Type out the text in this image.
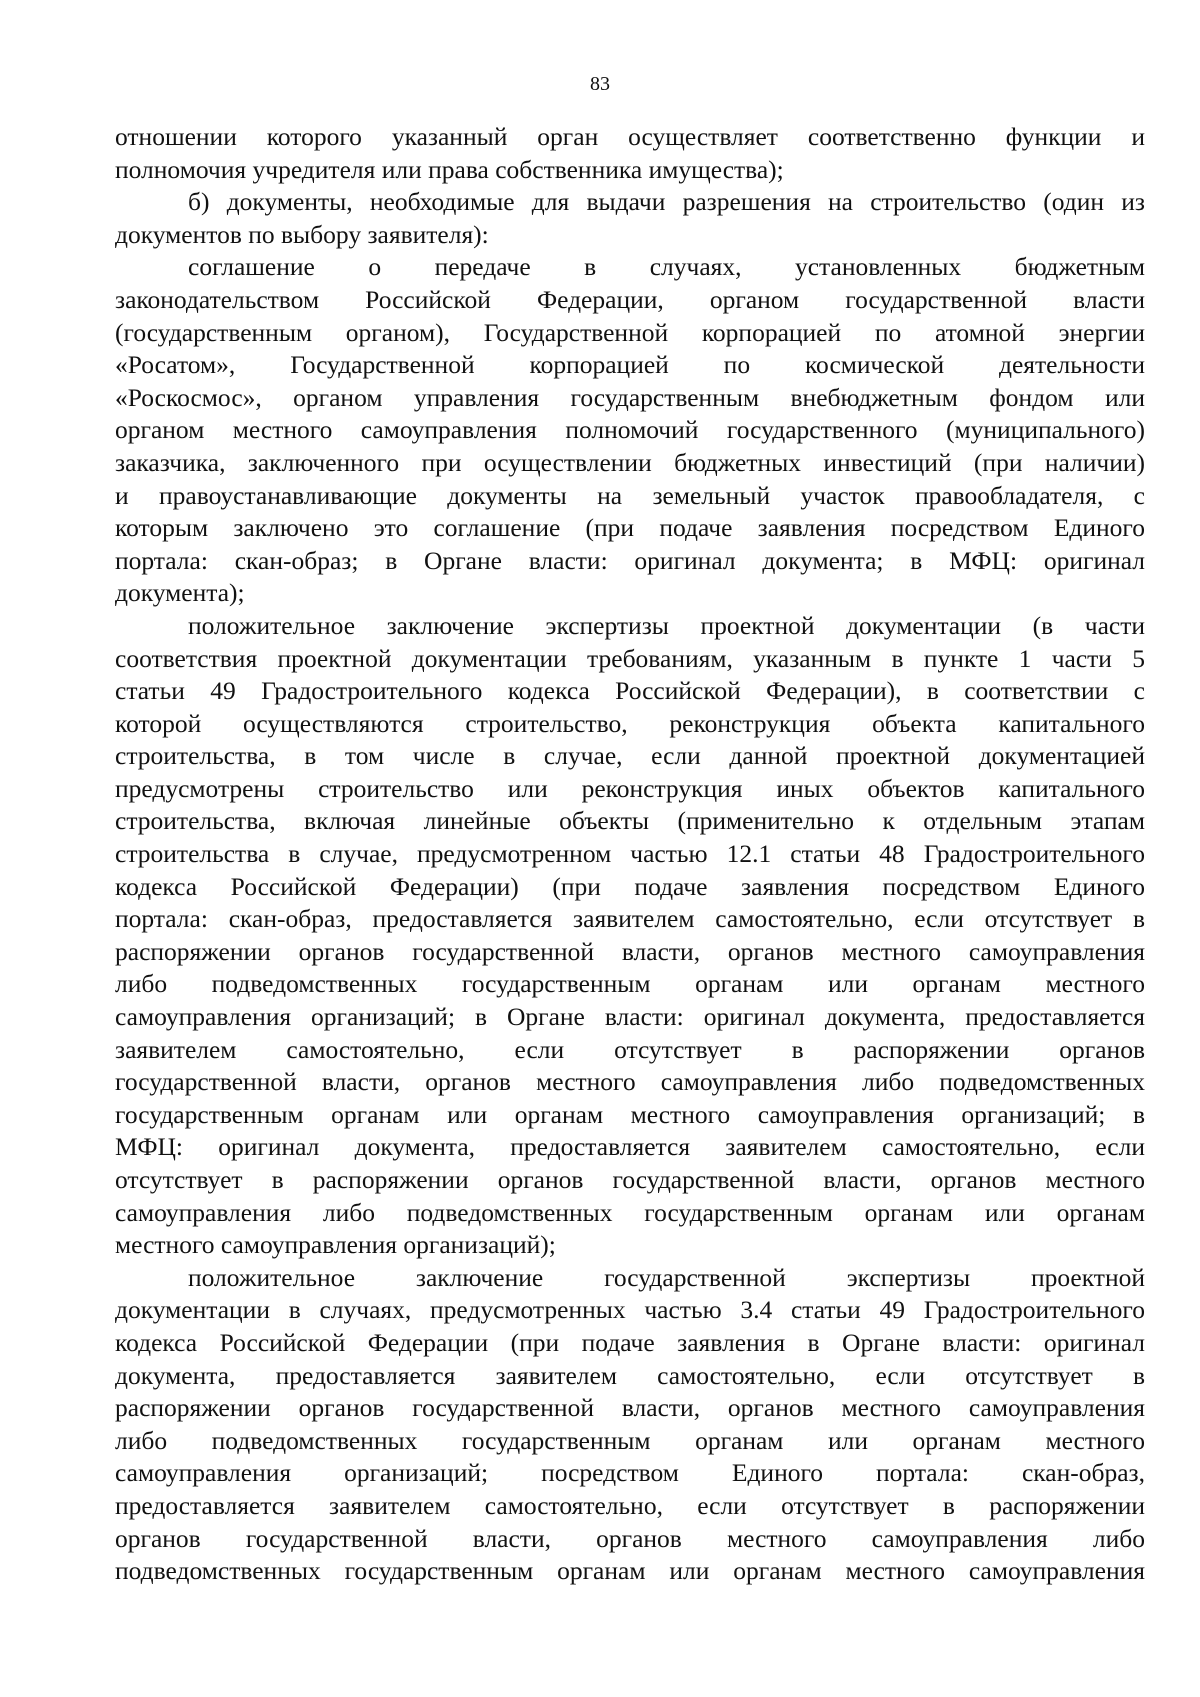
83
отношении которого указанный орган осуществляет соответственно функции и
полномочия учредителя или права собственника имущества);
б) документы, необходимые для выдачи разрешения на строительство (один из
документов по выбору заявителя):
соглашение о передаче в случаях, установленных бюджетным
законодательством Российской Федерации, органом государственной власти
(государственным органом), Государственной корпорацией по атомной энергии
«Росатом», Государственной корпорацией по космической деятельности
«Роскосмос», органом управления государственным внебюджетным фондом или
органом местного самоуправления полномочий государственного (муниципального)
заказчика, заключенного при осуществлении бюджетных инвестиций (при наличии)
и правоустанавливающие документы на земельный участок правообладателя, с
которым заключено это соглашение (при подаче заявления посредством Единого
портала: скан-образ; в Органе власти: оригинал документа; в МФЦ: оригинал
документа);
положительное заключение экспертизы проектной документации (в части
соответствия проектной документации требованиям, указанным в пункте 1 части 5
статьи 49 Градостроительного кодекса Российской Федерации), в соответствии с
которой осуществляются строительство, реконструкция объекта капитального
строительства, в том числе в случае, если данной проектной документацией
предусмотрены строительство или реконструкция иных объектов капитального
строительства, включая линейные объекты (применительно к отдельным этапам
строительства в случае, предусмотренном частью 12.1 статьи 48 Градостроительного
кодекса Российской Федерации) (при подаче заявления посредством Единого
портала: скан-образ, предоставляется заявителем самостоятельно, если отсутствует в
распоряжении органов государственной власти, органов местного самоуправления
либо подведомственных государственным органам или органам местного
самоуправления организаций; в Органе власти: оригинал документа, предоставляется
заявителем самостоятельно, если отсутствует в распоряжении органов
государственной власти, органов местного самоуправления либо подведомственных
государственным органам или органам местного самоуправления организаций; в
МФЦ: оригинал документа, предоставляется заявителем самостоятельно, если
отсутствует в распоряжении органов государственной власти, органов местного
самоуправления либо подведомственных государственным органам или органам
местного самоуправления организаций);
положительное заключение государственной экспертизы проектной
документации в случаях, предусмотренных частью 3.4 статьи 49 Градостроительного
кодекса Российской Федерации (при подаче заявления в Органе власти: оригинал
документа, предоставляется заявителем самостоятельно, если отсутствует в
распоряжении органов государственной власти, органов местного самоуправления
либо подведомственных государственным органам или органам местного
самоуправления организаций; посредством Единого портала: скан-образ,
предоставляется заявителем самостоятельно, если отсутствует в распоряжении
органов государственной власти, органов местного самоуправления либо
подведомственных государственным органам или органам местного самоуправления
